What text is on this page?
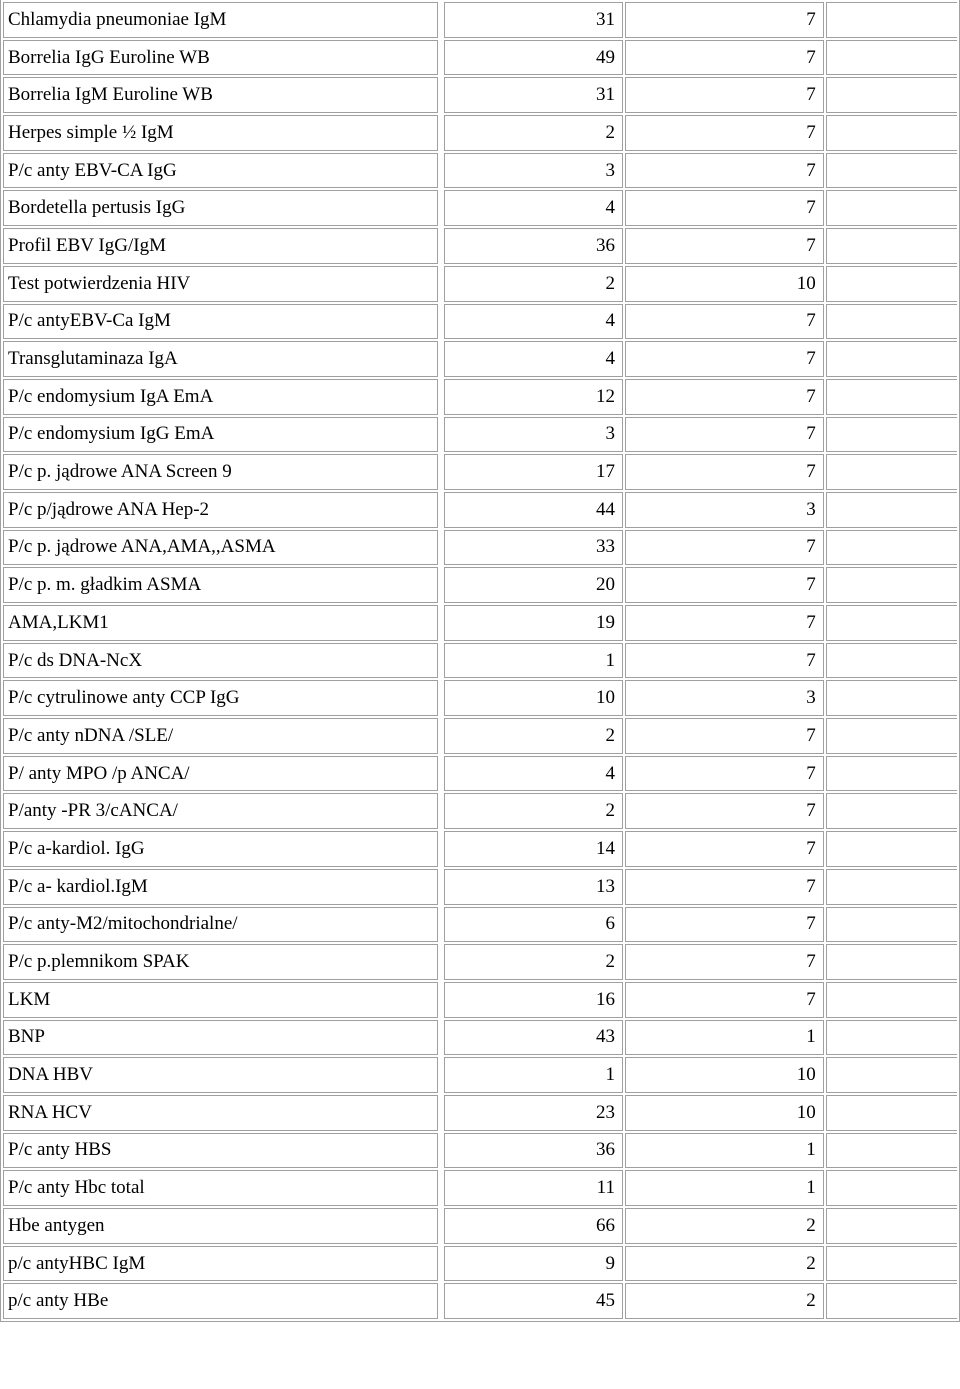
Chlamydia pneumoniae IgM		31	7	
Borrelia IgG Euroline WB		49	7	
Borrelia IgM Euroline WB		31	7	
Herpes simple ½ IgM		2	7	
P/c anty EBV-CA IgG		3	7	
Bordetella pertusis IgG		4	7	
Profil EBV IgG/IgM		36	7	
Test potwierdzenia HIV		2	10	
P/c antyEBV-Ca IgM		4	7	
Transglutaminaza IgA		4	7	
P/c endomysium IgA EmA		12	7	
P/c endomysium IgG EmA		3	7	
P/c p. jądrowe ANA Screen 9		17	7	
P/c p/jądrowe ANA Hep-2		44	3	
P/c p. jądrowe ANA,AMA,,ASMA		33	7	
P/c p. m. gładkim ASMA		20	7	
AMA,LKM1		19	7	
P/c ds DNA-NcX		1	7	
P/c cytrulinowe anty CCP IgG		10	3	
P/c anty nDNA /SLE/		2	7	
P/ anty MPO /p ANCA/		4	7	
P/anty -PR 3/cANCA/		2	7	
P/c a-kardiol. IgG		14	7	
P/c a- kardiol.IgM		13	7	
P/c anty-M2/mitochondrialne/		6	7	
P/c p.plemnikom SPAK		2	7	
LKM		16	7	
BNP		43	1	
DNA HBV		1	10	
RNA HCV		23	10	
P/c anty HBS		36	1	
P/c anty Hbc total		11	1	
Hbe antygen		66	2	
p/c antyHBC IgM		9	2	
p/c anty HBe		45	2	
